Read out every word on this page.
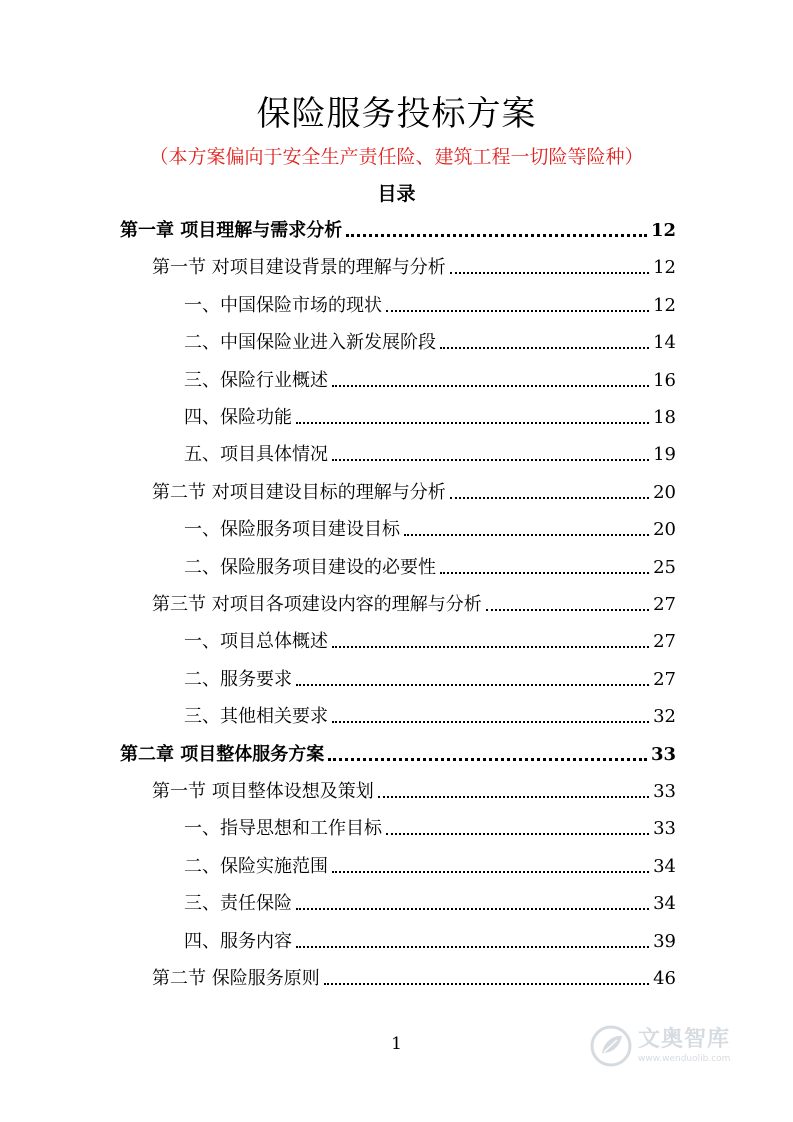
保险服务投标方案
（本方案偏向于安全生产责任险、建筑工程一切险等险种）
目录
第一章 项目理解与需求分析	12
第一节 对项目建设背景的理解与分析	12
一、中国保险市场的现状	12
二、中国保险业进入新发展阶段	14
三、保险行业概述	16
四、保险功能	18
五、项目具体情况	19
第二节 对项目建设目标的理解与分析	20
一、保险服务项目建设目标	20
二、保险服务项目建设的必要性	25
第三节 对项目各项建设内容的理解与分析	27
一、项目总体概述	27
二、服务要求	27
三、其他相关要求	32
第二章 项目整体服务方案	33
第一节 项目整体设想及策划	33
一、指导思想和工作目标	33
二、保险实施范围	34
三、责任保险	34
四、服务内容	39
第二节 保险服务原则	46
1	文奥智库
www.wenduolib.com
